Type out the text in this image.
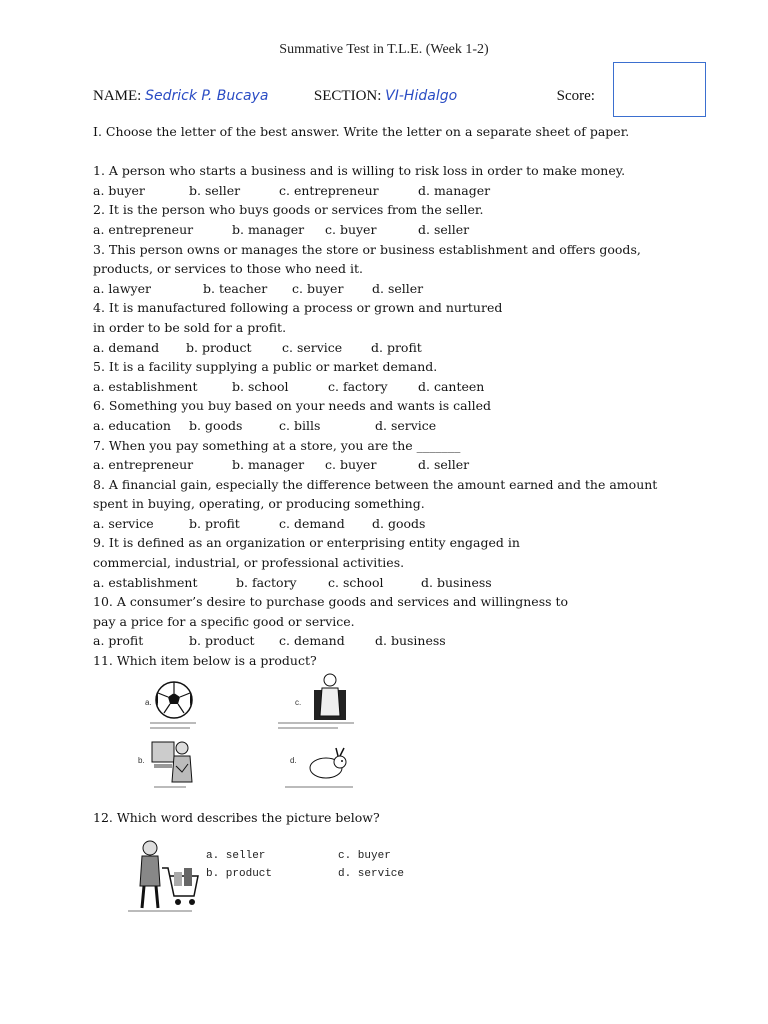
Summative Test in T.L.E. (Week 1-2)
NAME: Sedrick P. Bucaya	SECTION: VI-Hidalgo	Score:

I. Choose the letter of the best answer. Write the letter on a separate sheet of paper.

1. A person who starts a business and is willing to risk loss in order to make money.

a. buyer	b. seller	c. entrepreneur	d. manager

2. It is the person who buys goods or services from the seller.

a. entrepreneur	b. manager c. buyer	d. seller

3. This person owns or manages the store or business establishment and offers goods,

products, or services to those who need it.

a. lawyer	b. teacher c. buyer d. seller

4. It is manufactured following a process or grown and nurtured

in order to be sold for a profit.

a. demand b. product c. service d. profit

5. It is a facility supplying a public or market demand.

a. establishment	b. school	c. factory d. canteen

6. Something you buy based on your needs and wants is called

a. education b. goods	c. bills	d. service

7. When you pay something at a store, you are the _______

a. entrepreneur	b. manager c. buyer	d. seller

8. A financial gain, especially the difference between the amount earned and the amount

spent in buying, operating, or producing something.

a. service	b. profit	c. demand d. goods

9. It is defined as an organization or enterprising entity engaged in

commercial, industrial, or professional activities.

a. establishment	b. factory	c. school	d. business

10. A consumer’s desire to purchase goods and services and willingness to

pay a price for a specific good or service.

a. profit	b. product c. demand d. business

11. Which item below is a product?

a.	c.
b.	d.

12. Which word describes the picture below?

a. seller
b. product
c. buyer
d. service
